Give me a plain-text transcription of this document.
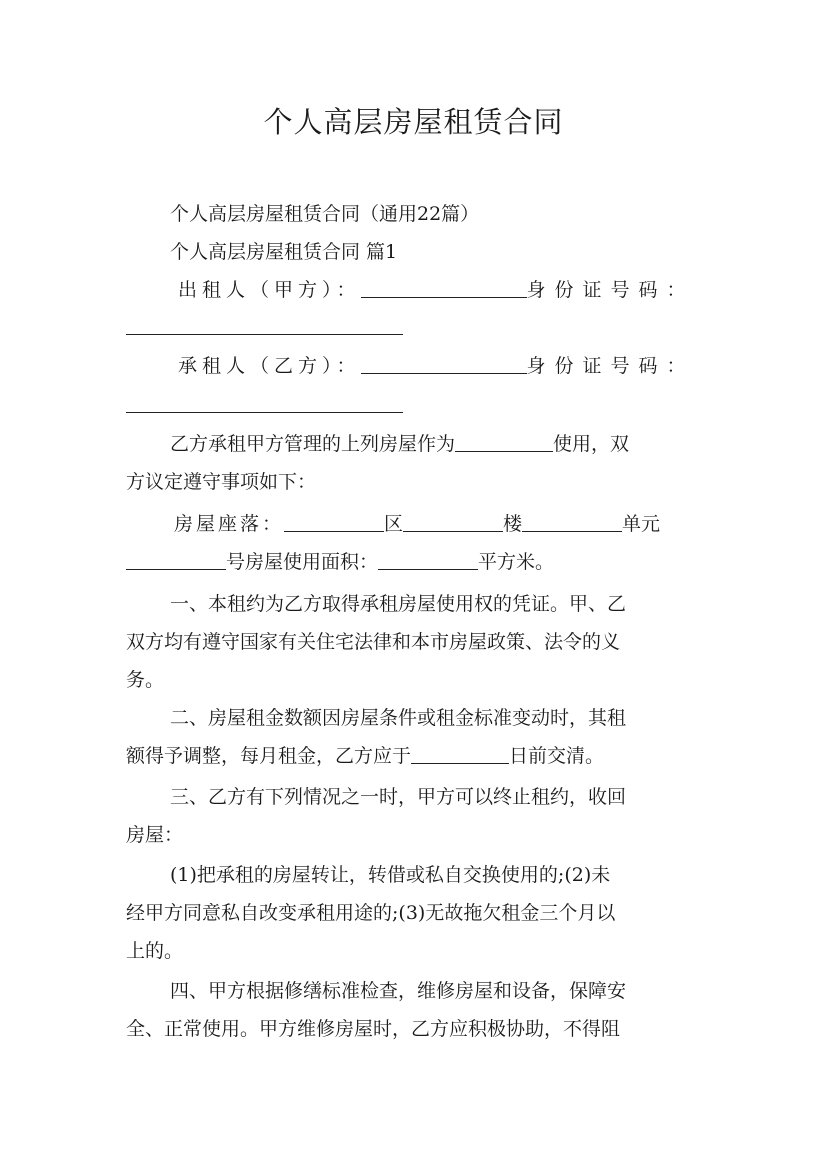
个人高层房屋租赁合同
个人高层房屋租赁合同（通用22篇）
个人高层房屋租赁合同 篇1
出租人（甲方）：	身份证号码：
承租人（乙方）：	身份证号码：
乙方承租甲方管理的上列房屋作为	使用，双
方议定遵守事项如下：
房屋座落：	区	楼	单元
号房屋使用面积：	平方米。
一、本租约为乙方取得承租房屋使用权的凭证。甲、乙
双方均有遵守国家有关住宅法律和本市房屋政策、法令的义
务。
二、房屋租金数额因房屋条件或租金标准变动时，其租
额得予调整，每月租金，乙方应于	日前交清。
三、乙方有下列情况之一时，甲方可以终止租约，收回
房屋：
(1)把承租的房屋转让，转借或私自交换使用的;(2)未
经甲方同意私自改变承租用途的;(3)无故拖欠租金三个月以
上的。
四、甲方根据修缮标准检查，维修房屋和设备，保障安
全、正常使用。甲方维修房屋时，乙方应积极协助，不得阻
